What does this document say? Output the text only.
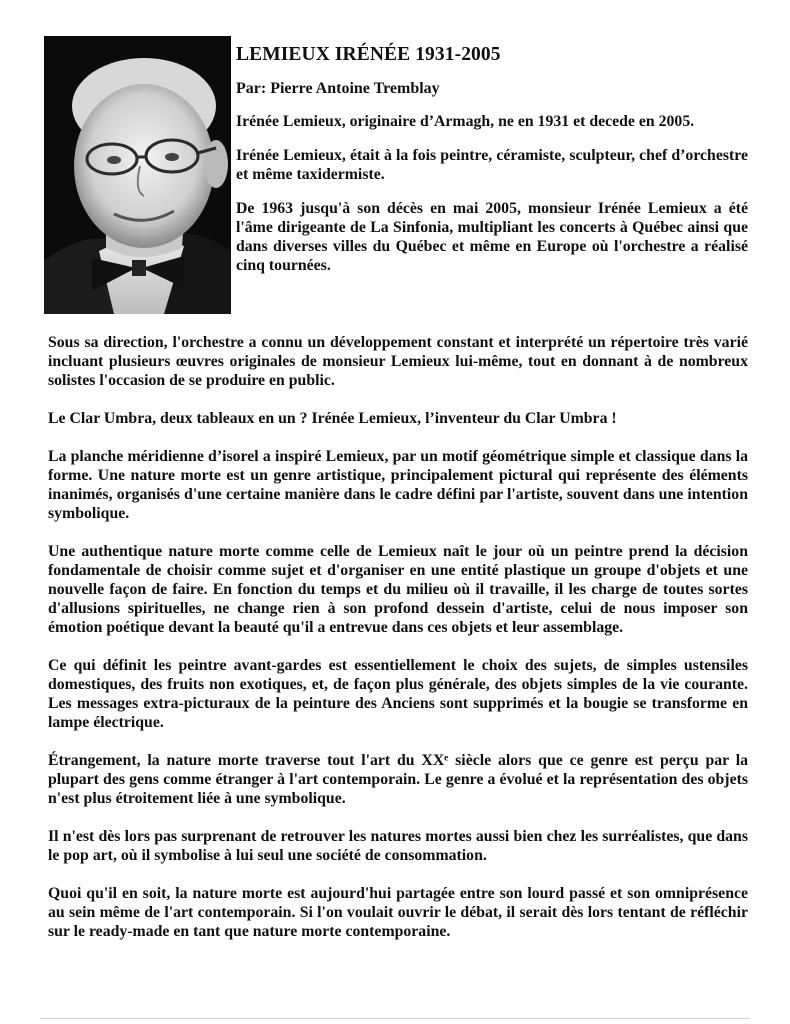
LEMIEUX IRÉNÉE 1931-2005
Par: Pierre Antoine Tremblay

Irénée Lemieux, originaire d’Armagh, ne en 1931 et decede en 2005.

Irénée Lemieux, était à la fois peintre, céramiste, sculpteur, chef d’orchestre et même taxidermiste.

De 1963 jusqu'à son décès en mai 2005, monsieur Irénée Lemieux a été l'âme dirigeante de La Sinfonia, multipliant les concerts à Québec ainsi que dans diverses villes du Québec et même en Europe où l'orchestre a réalisé cinq tournées.

Sous sa direction, l'orchestre a connu un développement constant et interprété un répertoire très varié incluant plusieurs œuvres originales de monsieur Lemieux lui-même, tout en donnant à de nombreux solistes l'occasion de se produire en public.

Le Clar Umbra, deux tableaux en un ? Irénée Lemieux, l’inventeur du Clar Umbra !

La planche méridienne d’isorel a inspiré Lemieux, par un motif géométrique simple et classique dans la forme. Une nature morte est un genre artistique, principalement pictural qui représente des éléments inanimés, organisés d'une certaine manière dans le cadre défini par l'artiste, souvent dans une intention symbolique.

Une authentique nature morte comme celle de Lemieux naît le jour où un peintre prend la décision fondamentale de choisir comme sujet et d'organiser en une entité plastique un groupe d'objets et une nouvelle façon de faire. En fonction du temps et du milieu où il travaille, il les charge de toutes sortes d'allusions spirituelles, ne change rien à son profond dessein d'artiste, celui de nous imposer son émotion poétique devant la beauté qu'il a entrevue dans ces objets et leur assemblage.

Ce qui définit les peintre avant-gardes est essentiellement le choix des sujets, de simples ustensiles domestiques, des fruits non exotiques, et, de façon plus générale, des objets simples de la vie courante. Les messages extra-picturaux de la peinture des Anciens sont supprimés et la bougie se transforme en lampe électrique.

Étrangement, la nature morte traverse tout l'art du XXᵉ siècle alors que ce genre est perçu par la plupart des gens comme étranger à l'art contemporain. Le genre a évolué et la représentation des objets n'est plus étroitement liée à une symbolique.

Il n'est dès lors pas surprenant de retrouver les natures mortes aussi bien chez les surréalistes, que dans le pop art, où il symbolise à lui seul une société de consommation.

Quoi qu'il en soit, la nature morte est aujourd'hui partagée entre son lourd passé et son omniprésence au sein même de l'art contemporain. Si l'on voulait ouvrir le débat, il serait dès lors tentant de réfléchir sur le ready-made en tant que nature morte contemporaine.
